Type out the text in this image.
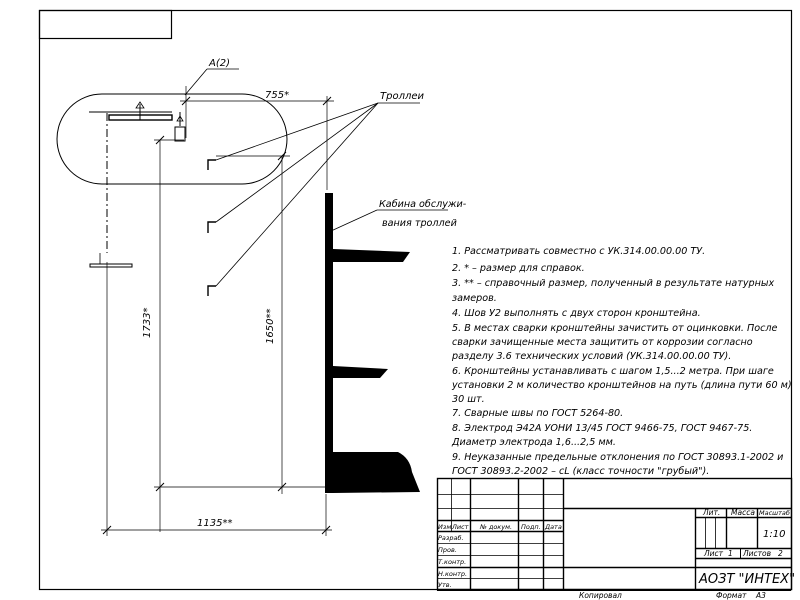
A(2)
Троллеи
Кабина обслужи-
вания троллей
755*
1733*	1650**
1135**
1. Рассматривать совместно с УК.314.00.00.00 ТУ.
2. * – размер для справок.
3. ** – справочный размер, полученный в результате натурных
замеров.
4. Шов У2 выполнять с двух сторон кронштейна.
5. В местах сварки кронштейны зачистить от оцинковки. После
сварки зачищенные места защитить от коррозии согласно
разделу 3.6 технических условий (УК.314.00.00.00 ТУ).
6. Кронштейны устанавливать с шагом 1,5...2 метра. При шаге
установки 2 м количество кронштейнов на путь (длина пути 60 м)
30 шт.
7. Сварные швы по ГОСТ 5264-80.
8. Электрод Э42А УОНИ 13/45 ГОСТ 9466-75, ГОСТ 9467-75.
Диаметр электрода 1,6...2,5 мм.
9. Неуказанные предельные отклонения по ГОСТ 30893.1-2002 и
ГОСТ 30893.2-2002 – cL (класс точности "грубый").
Изм Лист № докум. Подп. Дата
Разраб.
Пров.
Т.контр.
Н.контр.
Утв.
Лит. Масса Масштаб
1:10
Лист 1 Листов 2
АОЗТ "ИНТЕХ"
Копировал	Формат А3
